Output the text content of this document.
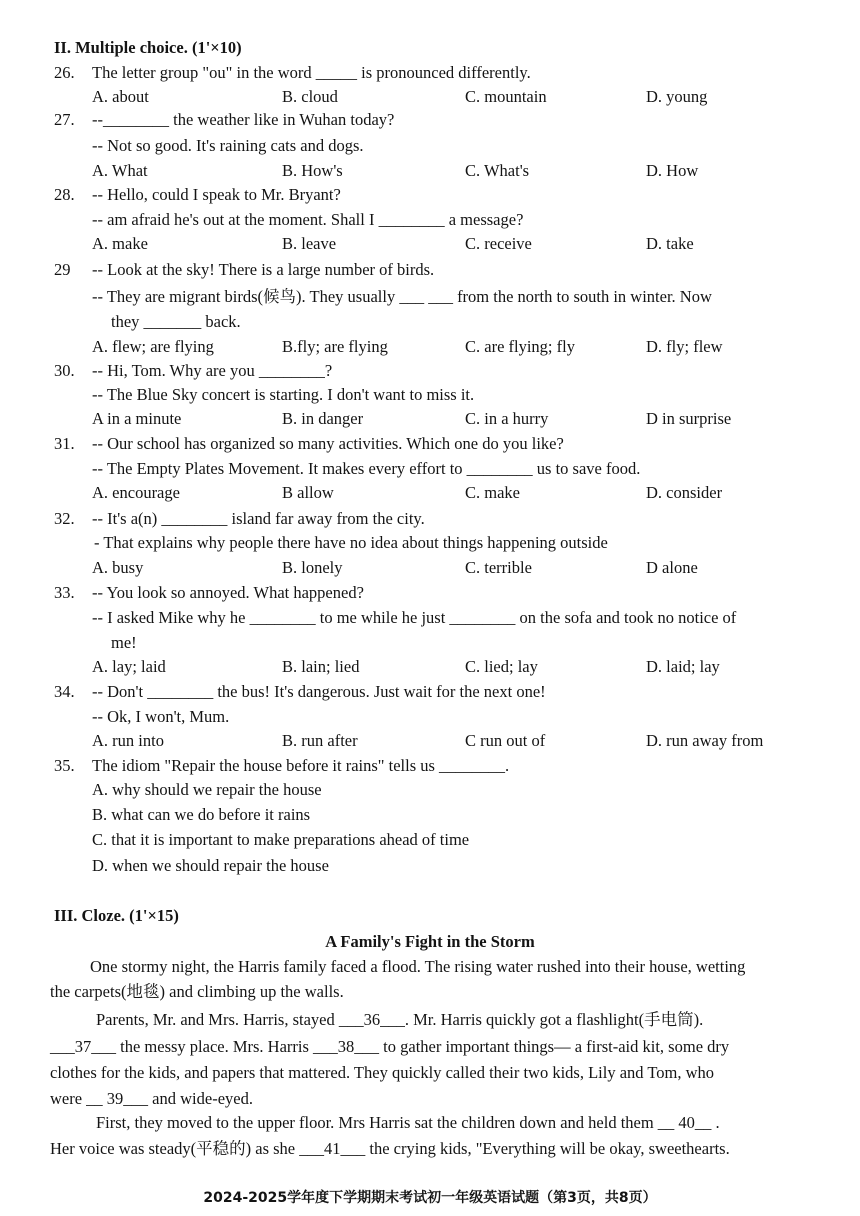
II. Multiple choice. (1'×10)
26. The letter group "ou" in the word _____ is pronounced differently.
A. about	B. cloud	C. mountain	D. young
27. --________ the weather like in Wuhan today?
-- Not so good. It's raining cats and dogs.
A. What	B. How's	C. What's	D. How
28. -- Hello, could I speak to Mr. Bryant?
-- am afraid he's out at the moment. Shall I ________ a message?
A. make	B. leave	C. receive	D. take
29 -- Look at the sky! There is a large number of birds.
-- They are migrant birds(候鸟). They usually ___ ___ from the north to south in winter. Now
they _______ back.
A. flew; are flying	B.fly; are flying	C. are flying; fly	D. fly; flew
30. -- Hi, Tom. Why are you ________?
-- The Blue Sky concert is starting. I don't want to miss it.
A in a minute	B. in danger	C. in a hurry	D in surprise
31. -- Our school has organized so many activities. Which one do you like?
-- The Empty Plates Movement. It makes every effort to ________ us to save food.
A. encourage	B allow	C. make	D. consider
32. -- It's a(n) ________ island far away from the city.
- That explains why people there have no idea about things happening outside
A. busy	B. lonely	C. terrible	D alone
33. -- You look so annoyed. What happened?
-- I asked Mike why he ________ to me while he just ________ on the sofa and took no notice of
me!
A. lay; laid	B. lain; lied	C. lied; lay	D. laid; lay
34. -- Don't ________ the bus! It's dangerous. Just wait for the next one!
-- Ok, I won't, Mum.
A. run into	B. run after	C run out of	D. run away from
35. The idiom "Repair the house before it rains" tells us ________.
A. why should we repair the house
B. what can we do before it rains
C. that it is important to make preparations ahead of time
D. when we should repair the house
III. Cloze. (1'×15)
A Family's Fight in the Storm
One stormy night, the Harris family faced a flood. The rising water rushed into their house, wetting
the carpets(地毯) and climbing up the walls.
Parents, Mr. and Mrs. Harris, stayed ___36___. Mr. Harris quickly got a flashlight(手电筒).
___37___ the messy place. Mrs. Harris ___38___ to gather important things— a first-aid kit, some dry
clothes for the kids, and papers that mattered. They quickly called their two kids, Lily and Tom, who
were __ 39___ and wide-eyed.
First, they moved to the upper floor. Mrs Harris sat the children down and held them __ 40__ .
Her voice was steady(平稳的) as she ___41___ the crying kids, "Everything will be okay, sweethearts.
2024-2025学年度下学期期末考试初一年级英语试题（第3页，共8页）
